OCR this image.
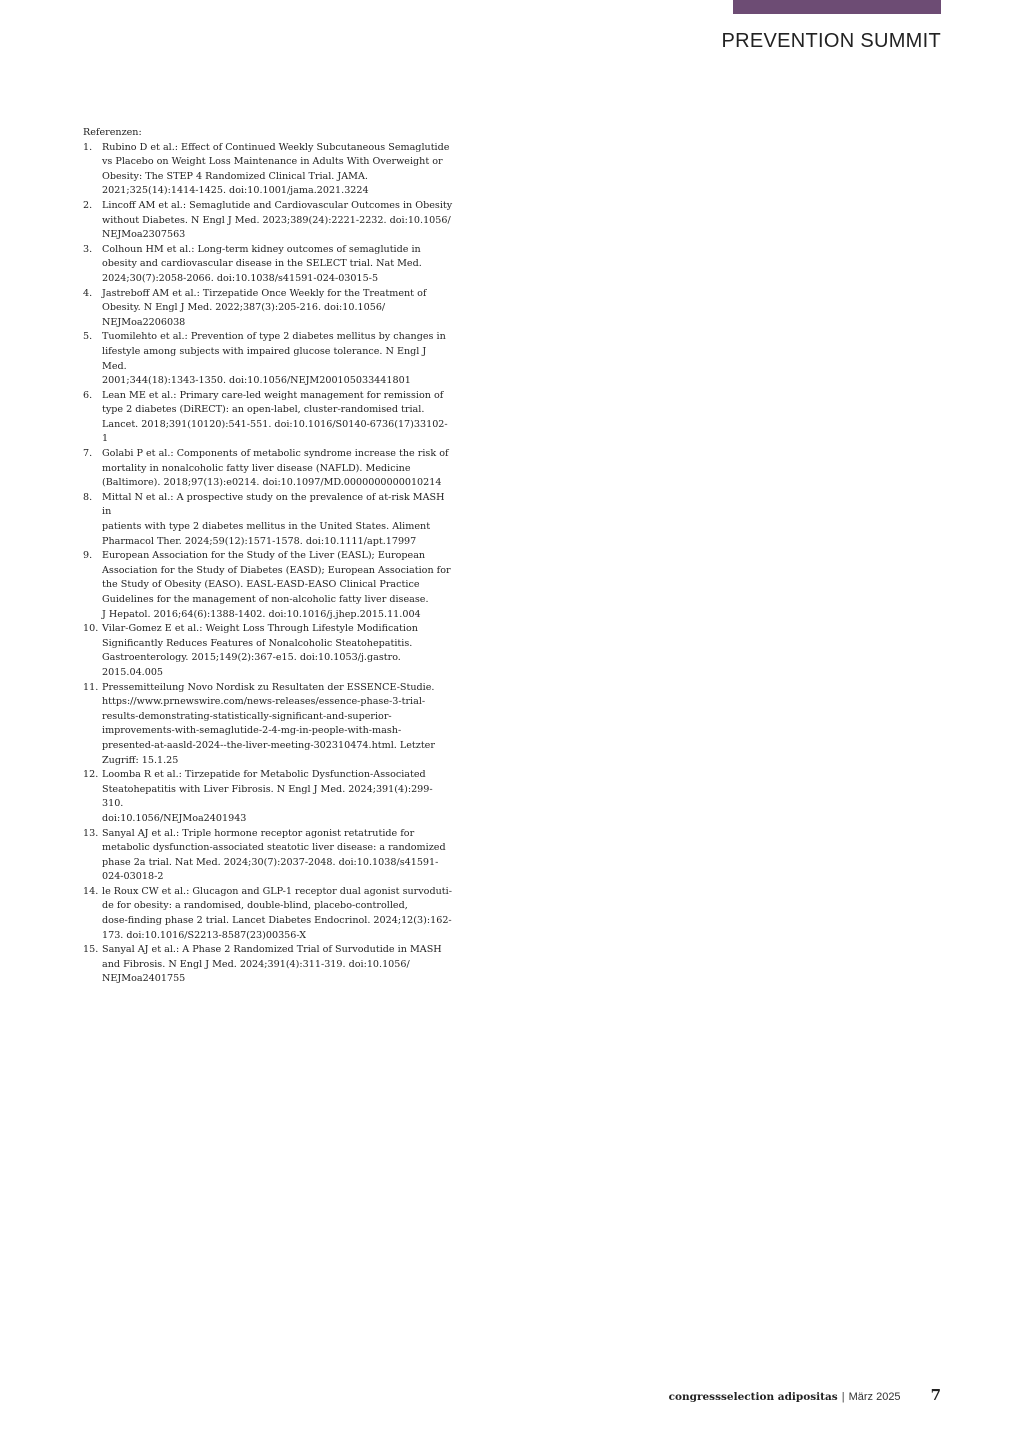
PREVENTION SUMMIT
Referenzen:
1.	Rubino D et al.: Effect of Continued Weekly Subcutaneous Semaglutide
vs Placebo on Weight Loss Maintenance in Adults With Overweight or
Obesity: The STEP 4 Randomized Clinical Trial. JAMA.
2021;325(14):1414-1425. doi:10.1001/jama.2021.3224
2.	Lincoff AM et al.: Semaglutide and Cardiovascular Outcomes in Obesity
without Diabetes. N Engl J Med. 2023;389(24):2221-2232. doi:10.1056/
NEJMoa2307563
3.	Colhoun HM et al.: Long-term kidney outcomes of semaglutide in
obesity and cardiovascular disease in the SELECT trial. Nat Med.
2024;30(7):2058-2066. doi:10.1038/s41591-024-03015-5
4.	Jastreboff AM et al.: Tirzepatide Once Weekly for the Treatment of
Obesity. N Engl J Med. 2022;387(3):205-216. doi:10.1056/
NEJMoa2206038
5.	Tuomilehto et al.: Prevention of type 2 diabetes mellitus by changes in
lifestyle among subjects with impaired glucose tolerance. N Engl J Med.
2001;344(18):1343-1350. doi:10.1056/NEJM200105033441801
6.	Lean ME et al.: Primary care-led weight management for remission of
type 2 diabetes (DiRECT): an open-label, cluster-randomised trial.
Lancet. 2018;391(10120):541-551. doi:10.1016/S0140-6736(17)33102-1
7.	Golabi P et al.: Components of metabolic syndrome increase the risk of
mortality in nonalcoholic fatty liver disease (NAFLD). Medicine
(Baltimore). 2018;97(13):e0214. doi:10.1097/MD.0000000000010214
8.	Mittal N et al.: A prospective study on the prevalence of at-risk MASH in
patients with type 2 diabetes mellitus in the United States. Aliment
Pharmacol Ther. 2024;59(12):1571-1578. doi:10.1111/apt.17997
9.	European Association for the Study of the Liver (EASL); European
Association for the Study of Diabetes (EASD); European Association for
the Study of Obesity (EASO). EASL-EASD-EASO Clinical Practice
Guidelines for the management of non-alcoholic fatty liver disease.
J Hepatol. 2016;64(6):1388-1402. doi:10.1016/j.jhep.2015.11.004
10. Vilar-Gomez E et al.: Weight Loss Through Lifestyle Modification
Significantly Reduces Features of Nonalcoholic Steatohepatitis.
Gastroenterology. 2015;149(2):367-e15. doi:10.1053/j.gastro.
2015.04.005
11. Pressemitteilung Novo Nordisk zu Resultaten der ESSENCE-Studie.
https://www.prnewswire.com/news-releases/essence-phase-3-trial-
results-demonstrating-statistically-significant-and-superior-
improvements-with-semaglutide-2-4-mg-in-people-with-mash-
presented-at-aasld-2024--the-liver-meeting-302310474.html. Letzter
Zugriff: 15.1.25
12. Loomba R et al.: Tirzepatide for Metabolic Dysfunction-Associated
Steatohepatitis with Liver Fibrosis. N Engl J Med. 2024;391(4):299-310.
doi:10.1056/NEJMoa2401943
13. Sanyal AJ et al.: Triple hormone receptor agonist retatrutide for
metabolic dysfunction-associated steatotic liver disease: a randomized
phase 2a trial. Nat Med. 2024;30(7):2037-2048. doi:10.1038/s41591-
024-03018-2
14. le Roux CW et al.: Glucagon and GLP-1 receptor dual agonist survoduti-
de for obesity: a randomised, double-blind, placebo-controlled,
dose-finding phase 2 trial. Lancet Diabetes Endocrinol. 2024;12(3):162-
173. doi:10.1016/S2213-8587(23)00356-X
15. Sanyal AJ et al.: A Phase 2 Randomized Trial of Survodutide in MASH
and Fibrosis. N Engl J Med. 2024;391(4):311-319. doi:10.1056/
NEJMoa2401755
congressselection adipositas | März 2025 7
